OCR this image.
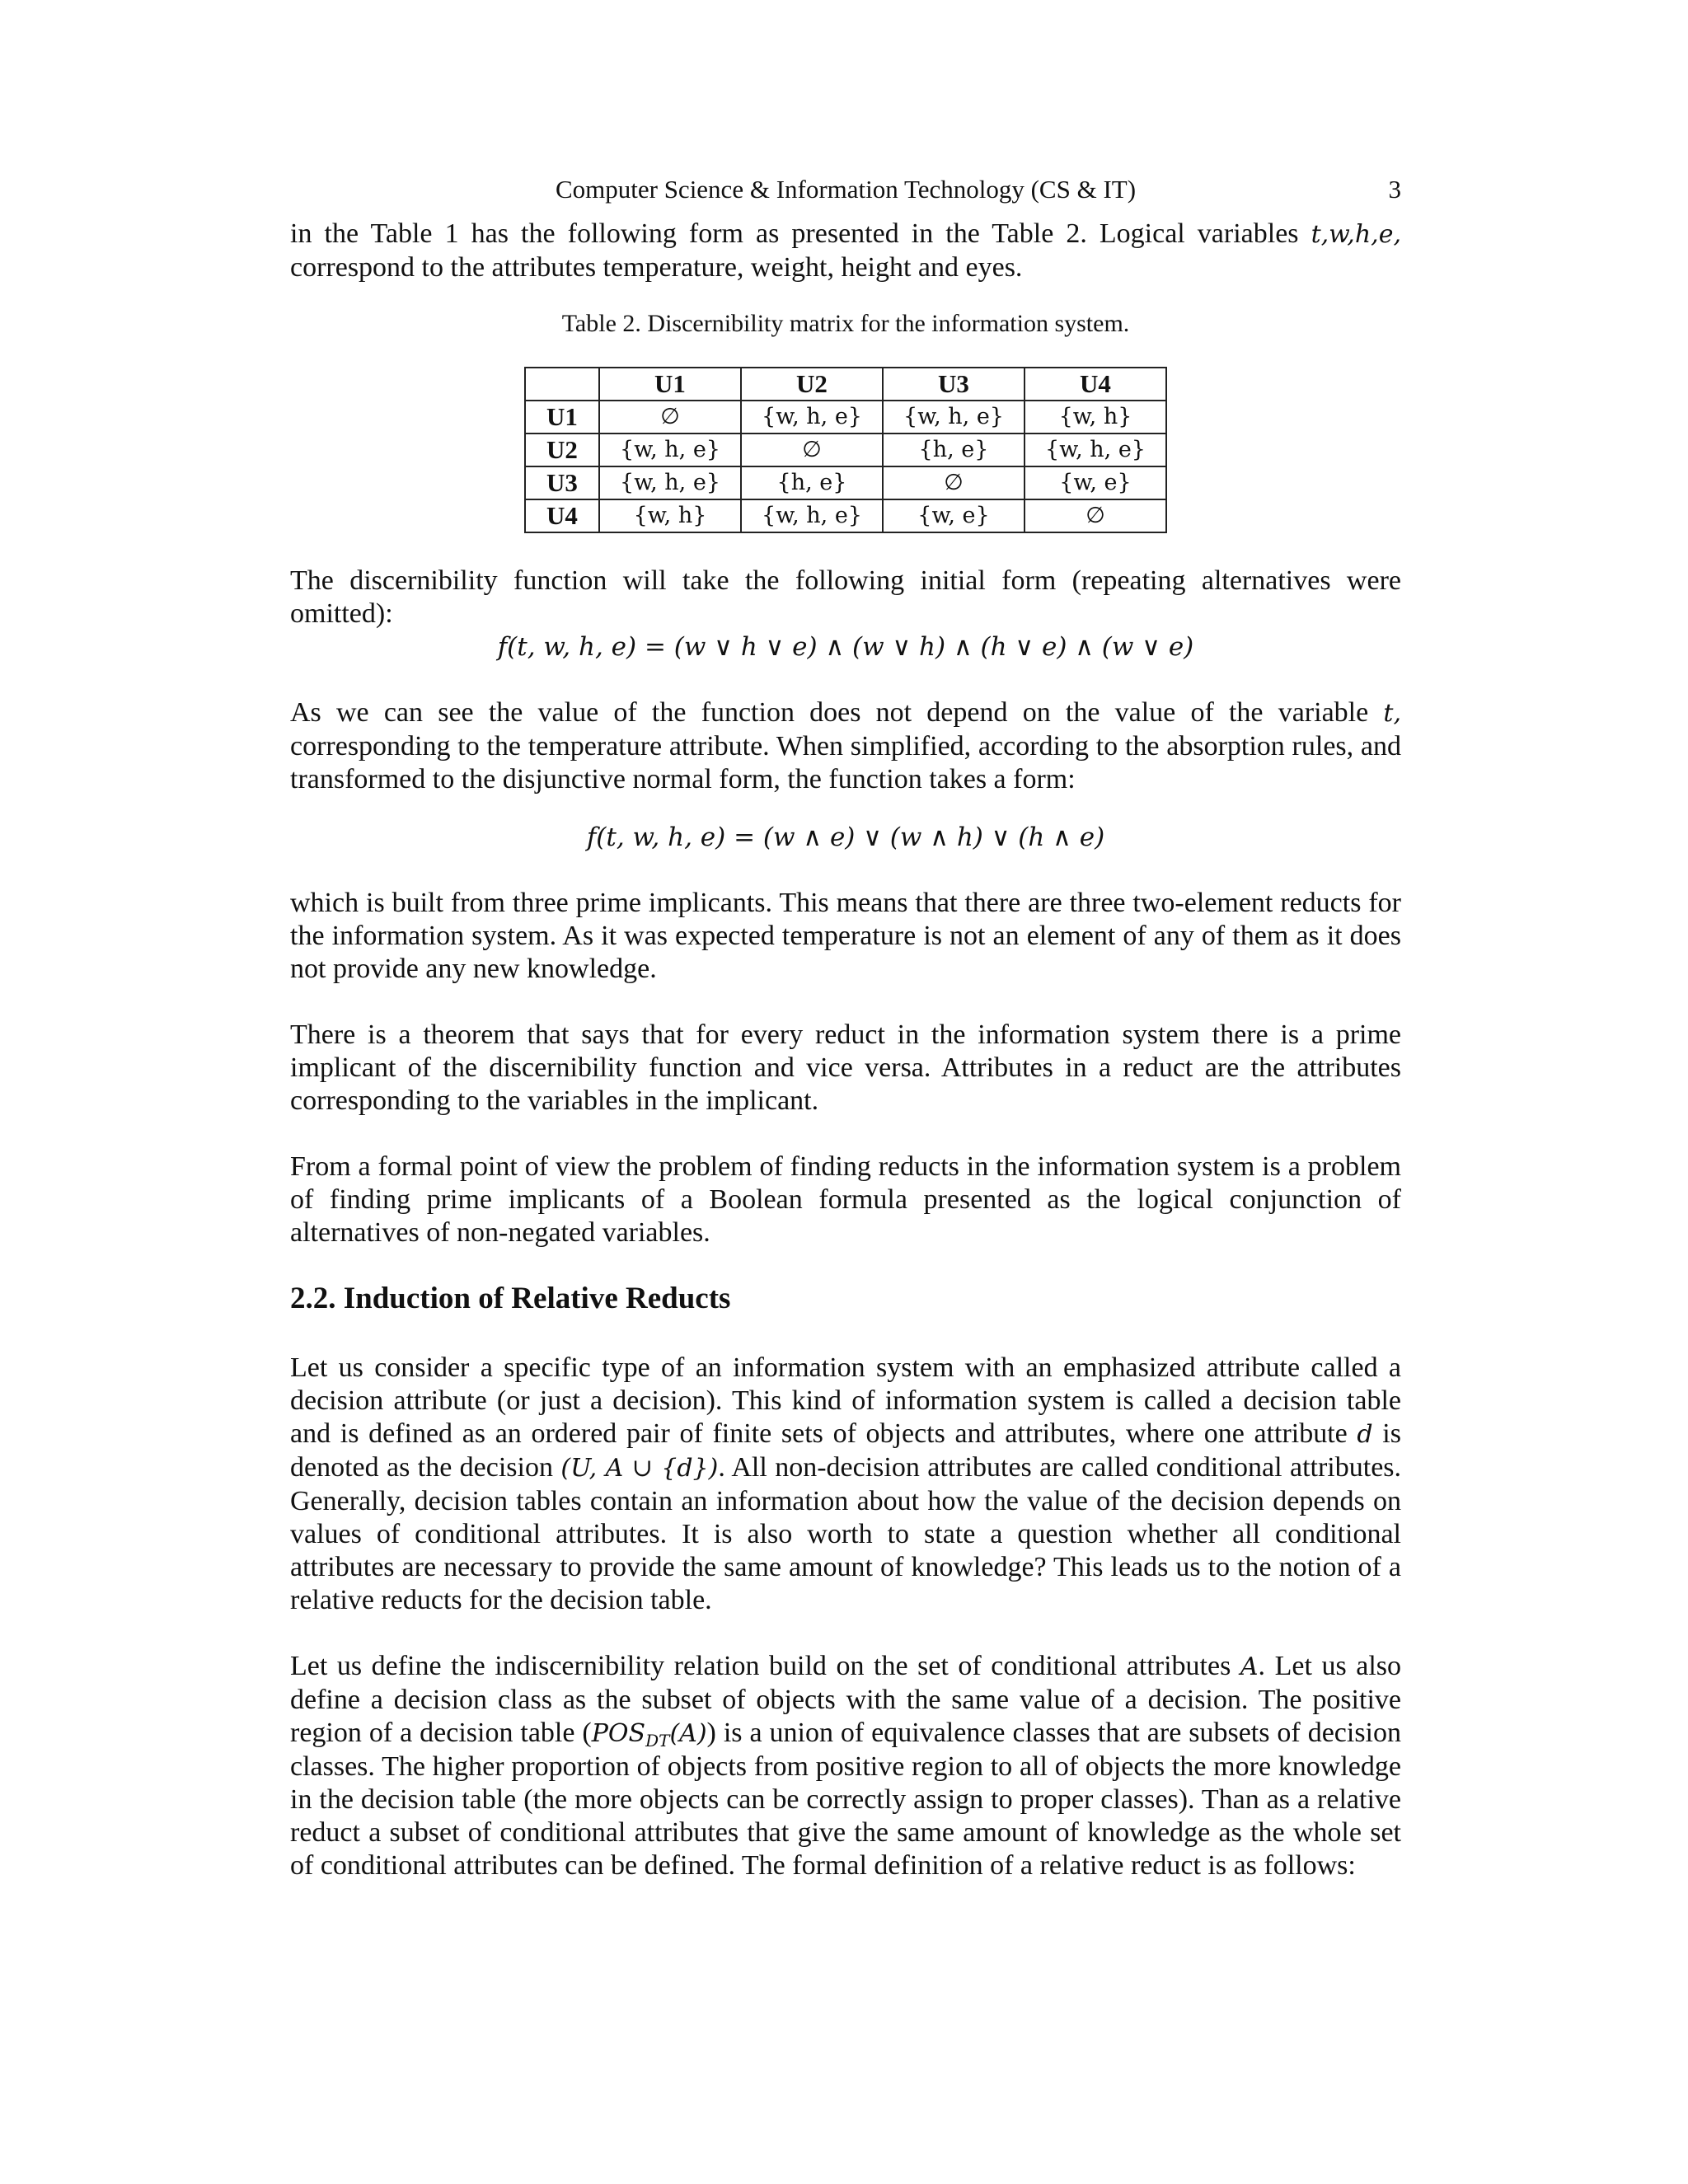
Computer Science & Information Technology (CS & IT)	3

in the Table 1 has the following form as presented in the Table 2. Logical variables t,w,h,e, correspond to the attributes temperature, weight, height and eyes.

Table 2. Discernibility matrix for the information system.
	U1	U2	U3	U4
U1	∅	{w, h, e}	{w, h, e}	{w, h}
U2	{w, h, e}	∅	{h, e}	{w, h, e}
U3	{w, h, e}	{h, e}	∅	{w, e}
U4	{w, h}	{w, h, e}	{w, e}	∅

The discernibility function will take the following initial form (repeating alternatives were omitted):

f(t, w, h, e) = (w ∨ h ∨ e) ∧ (w ∨ h) ∧ (h ∨ e) ∧ (w ∨ e)

As we can see the value of the function does not depend on the value of the variable t, corresponding to the temperature attribute. When simplified, according to the absorption rules, and transformed to the disjunctive normal form, the function takes a form:

f(t, w, h, e) = (w ∧ e) ∨ (w ∧ h) ∨ (h ∧ e)

which is built from three prime implicants. This means that there are three two-element reducts for the information system. As it was expected temperature is not an element of any of them as it does not provide any new knowledge.

There is a theorem that says that for every reduct in the information system there is a prime implicant of the discernibility function and vice versa. Attributes in a reduct are the attributes corresponding to the variables in the implicant.

From a formal point of view the problem of finding reducts in the information system is a problem of finding prime implicants of a Boolean formula presented as the logical conjunction of alternatives of non-negated variables.

2.2. Induction of Relative Reducts

Let us consider a specific type of an information system with an emphasized attribute called a decision attribute (or just a decision). This kind of information system is called a decision table and is defined as an ordered pair of finite sets of objects and attributes, where one attribute d is denoted as the decision (U, A ∪ {d}). All non-decision attributes are called conditional attributes. Generally, decision tables contain an information about how the value of the decision depends on values of conditional attributes. It is also worth to state a question whether all conditional attributes are necessary to provide the same amount of knowledge? This leads us to the notion of a relative reducts for the decision table.

Let us define the indiscernibility relation build on the set of conditional attributes A. Let us also define a decision class as the subset of objects with the same value of a decision. The positive region of a decision table $(POS_{DT}(A))$ is a union of equivalence classes that are subsets of decision classes. The higher proportion of objects from positive region to all of objects the more knowledge in the decision table (the more objects can be correctly assign to proper classes). Than as a relative reduct a subset of conditional attributes that give the same amount of knowledge as the whole set of conditional attributes can be defined. The formal definition of a relative reduct is as follows:
